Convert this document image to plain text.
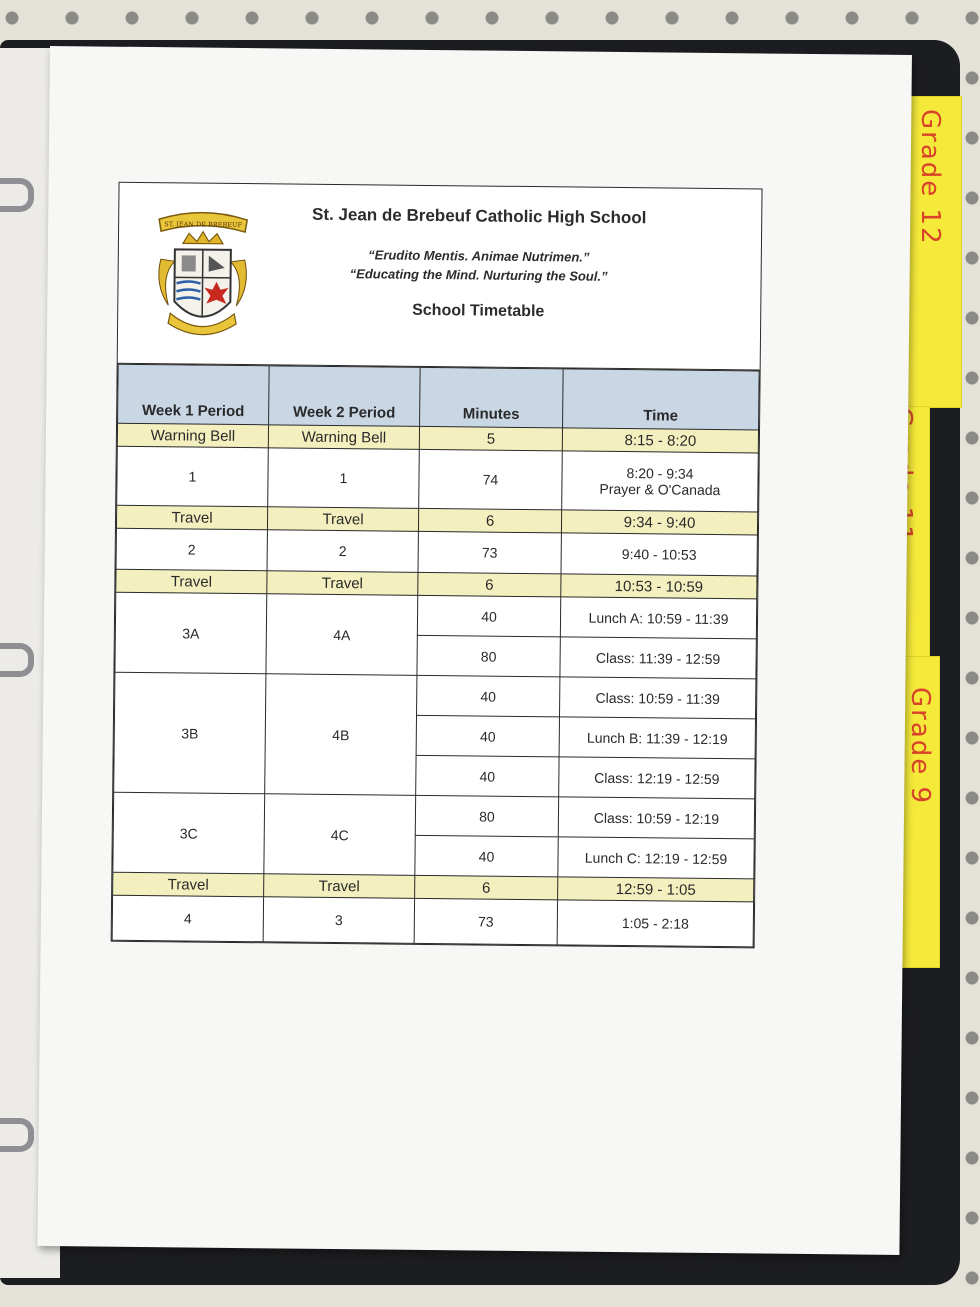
Grade 12
Grade 9
ST. JEAN DE BREBEUF	St. Jean de Brebeuf Catholic High School
“Erudito Mentis. Animae Nutrimen.”
“Educating the Mind. Nurturing the Soul.”
School Timetable
Week 1 Period	Week 2 Period	Minutes	Time
Warning Bell	Warning Bell	5	8:15 - 8:20
1	1	74	8:20 - 9:34
Prayer & O'Canada

Travel	Travel	6	9:34 - 9:40
2	2	73	9:40 - 10:53
Travel	Travel	6	10:53 - 10:59
3A	4A	40	Lunch A: 10:59 - 11:39
		80	Class: 11:39 - 12:59
3B	4B	40	Class: 10:59 - 11:39
		40	Lunch B: 11:39 - 12:19
		40	Class: 12:19 - 12:59
3C	4C	80	Class: 10:59 - 12:19
		40	Lunch C: 12:19 - 12:59
Travel	Travel	6	12:59 - 1:05
4	3	73	1:05 - 2:18
